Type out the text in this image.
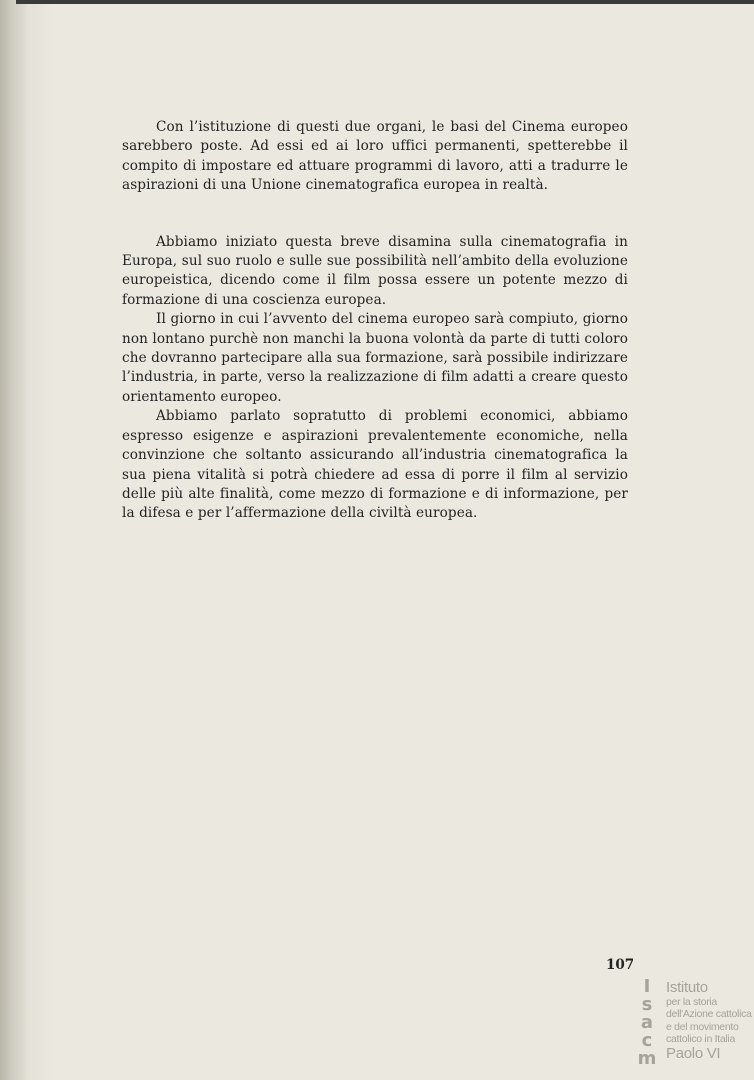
Con l’istituzione di questi due organi, le basi del Cinema europeo sarebbero poste. Ad essi ed ai loro uffici permanenti, spetterebbe il compito di impostare ed attuare programmi di lavoro, atti a tradurre le aspirazioni di una Unione cinematografica europea in realtà.

Abbiamo iniziato questa breve disamina sulla cinematografia in Europa, sul suo ruolo e sulle sue possibilità nell’ambito della evoluzione europeistica, dicendo come il film possa essere un potente mezzo di formazione di una coscienza europea.

Il giorno in cui l’avvento del cinema europeo sarà compiuto, giorno non lontano purchè non manchi la buona volontà da parte di tutti coloro che dovranno partecipare alla sua formazione, sarà possibile indirizzare l’industria, in parte, verso la realizzazione di film adatti a creare questo orientamento europeo.

Abbiamo parlato sopratutto di problemi economici, abbiamo espresso esigenze e aspirazioni prevalentemente economiche, nella convinzione che soltanto assicurando all’industria cinematografica la sua piena vitalità si potrà chiedere ad essa di porre il film al servizio delle più alte finalità, come mezzo di formazione e di informazione, per la difesa e per l’affermazione della civiltà europea.

107
I
s
a
c
m
Istituto
per la storia
dell'Azione cattolica
e del movimento
cattolico in Italia
Paolo VI
